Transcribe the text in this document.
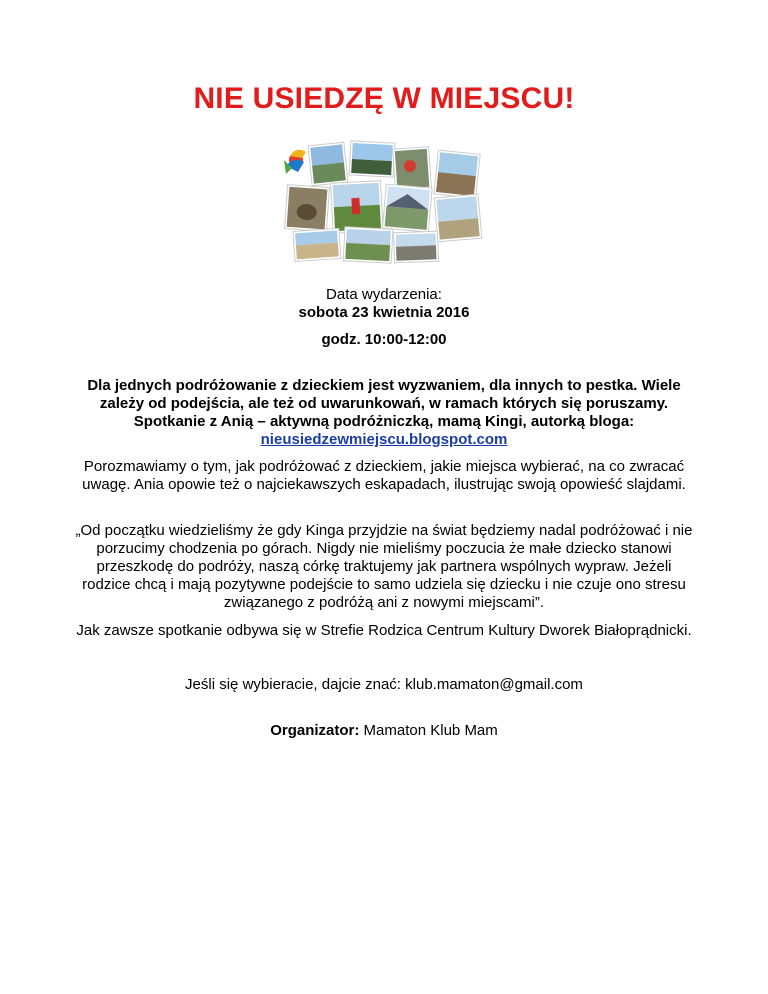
NIE USIEDZĘ W MIEJSCU!
Data wydarzenia:
sobota 23 kwietnia 2016
godz. 10:00-12:00
Dla jednych podróżowanie z dzieckiem jest wyzwaniem, dla innych to pestka. Wiele zależy od podejścia, ale też od uwarunkowań, w ramach których się poruszamy. Spotkanie z Anią – aktywną podróżniczką, mamą Kingi, autorką bloga: nieusiedzewmiejscu.blogspot.com
Porozmawiamy o tym, jak podróżować z dzieckiem, jakie miejsca wybierać, na co zwracać uwagę. Ania opowie też o najciekawszych eskapadach, ilustrując swoją opowieść slajdami.
„Od początku wiedzieliśmy że gdy Kinga przyjdzie na świat będziemy nadal podróżować i nie porzucimy chodzenia po górach. Nigdy nie mieliśmy poczucia że małe dziecko stanowi przeszkodę do podróży, naszą córkę traktujemy jak partnera wspólnych wypraw. Jeżeli rodzice chcą i mają pozytywne podejście to samo udziela się dziecku i nie czuje ono stresu związanego z podróżą ani z nowymi miejscami”.
Jak zawsze spotkanie odbywa się w Strefie Rodzica Centrum Kultury Dworek Białoprądnicki.
Jeśli się wybieracie, dajcie znać: klub.mamaton@gmail.com
Organizator: Mamaton Klub Mam
